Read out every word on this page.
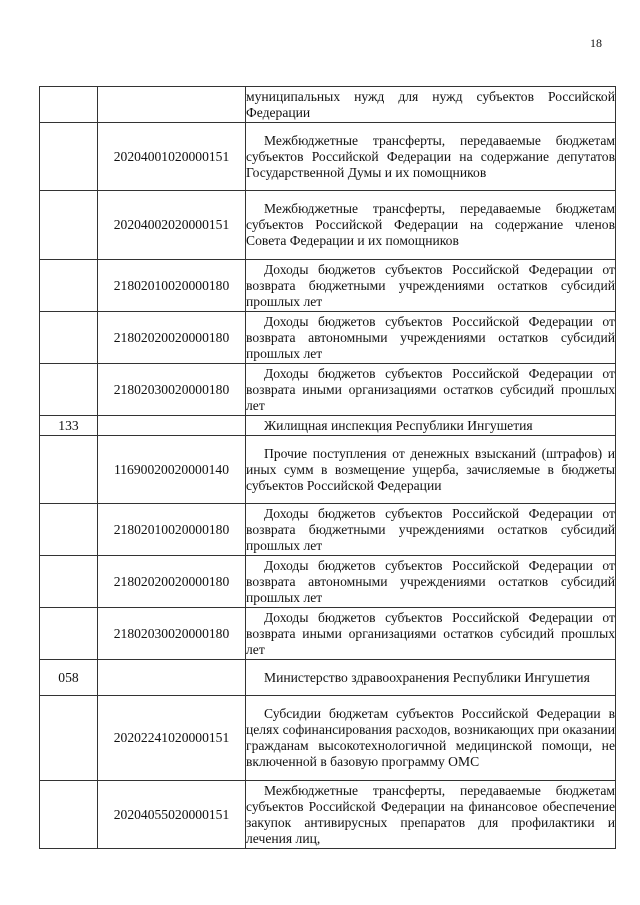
18
		муниципальных нужд для нужд субъектов Российской Федерации
	20204001020000151	Межбюджетные трансферты, передаваемые бюджетам субъектов Российской Федерации на содержание депутатов Государственной Думы и их помощников
	20204002020000151	Межбюджетные трансферты, передаваемые бюджетам субъектов Российской Федерации на содержание членов Совета Федерации и их помощников
	21802010020000180	Доходы бюджетов субъектов Российской Федерации от возврата бюджетными учреждениями остатков субсидий прошлых лет
	21802020020000180	Доходы бюджетов субъектов Российской Федерации от возврата автономными учреждениями остатков субсидий прошлых лет
	21802030020000180	Доходы бюджетов субъектов Российской Федерации от возврата иными организациями остатков субсидий прошлых лет
133		Жилищная инспекция Республики Ингушетия
	11690020020000140	Прочие поступления от денежных взысканий (штрафов) и иных сумм в возмещение ущерба, зачисляемые в бюджеты субъектов Российской Федерации
	21802010020000180	Доходы бюджетов субъектов Российской Федерации от возврата бюджетными учреждениями остатков субсидий прошлых лет
	21802020020000180	Доходы бюджетов субъектов Российской Федерации от возврата автономными учреждениями остатков субсидий прошлых лет
	21802030020000180	Доходы бюджетов субъектов Российской Федерации от возврата иными организациями остатков субсидий прошлых лет
058		Министерство здравоохранения Республики Ингушетия
	20202241020000151	Субсидии бюджетам субъектов Российской Федерации в целях софинансирования расходов, возникающих при оказании гражданам высокотехнологичной медицинской помощи, не включенной в базовую программу ОМС
	20204055020000151	Межбюджетные трансферты, передаваемые бюджетам субъектов Российской Федерации на финансовое обеспечение закупок антивирусных препаратов для профилактики и лечения лиц,
